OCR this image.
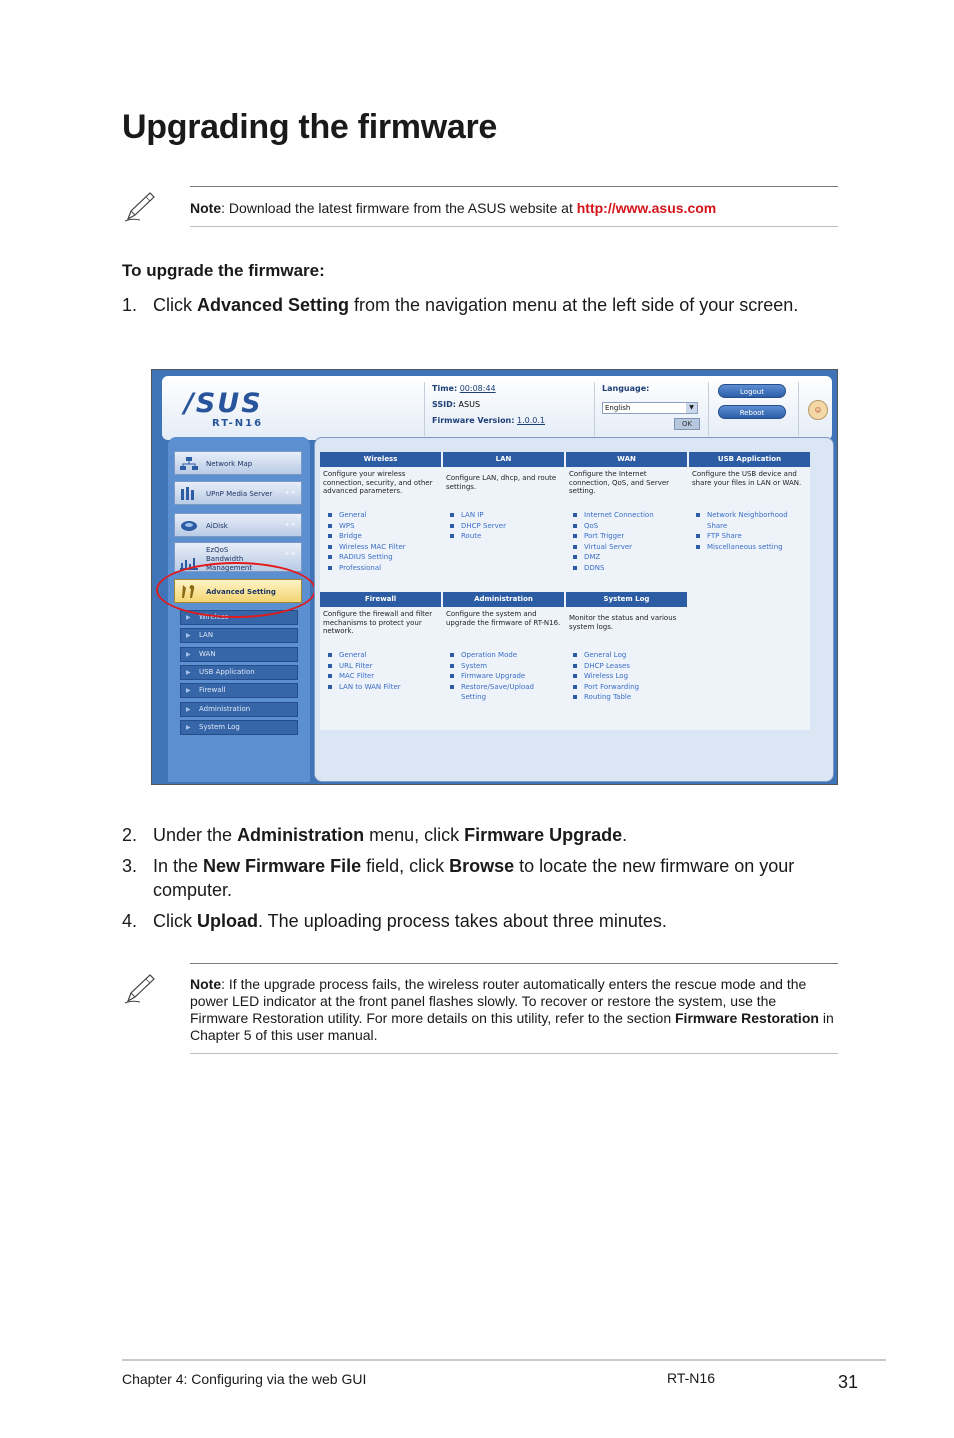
Upgrading the firmware
Note: Download the latest firmware from the ASUS website at http://www.asus.com
To upgrade the firmware:
1. Click Advanced Setting from the navigation menu at the left side of your screen.
/SUS
RT-N16
Time: 00:08:44
SSID: ASUS
Firmware Version: 1.0.0.1
Language:
English	▼
OK
Logout
Reboot	☺
Network Map
UPnP Media Server ✦✦
AiDisk	✦✦
EzQoS Bandwidth Management
✦✦
Advanced Setting
▶ Wireless
▶ LAN
▶ WAN
▶ USB Application
▶ Firewall
▶ Administration
▶ System Log
Wireless	LAN	WAN	USB Application
Configure your wireless connection, security, and other advanced parameters.
Configure LAN, dhcp, and route settings.
Configure the Internet connection, QoS, and Server setting.
Configure the USB device and share your files in LAN or WAN.
General
WPS
Bridge
Wireless MAC Filter
RADIUS Setting
Professional
LAN IP
DHCP Server
Route
Internet Connection
QoS
Port Trigger
Virtual Server
DMZ
DDNS
Network Neighborhood Share
FTP Share
Miscellaneous setting
Firewall	Administration	System Log
Configure the firewall and filter mechanisms to protect your network.
Configure the system and upgrade the firmware of RT-N16.
Monitor the status and various system logs.
General
URL Filter
MAC Filter
LAN to WAN Filter
Operation Mode
System
Firmware Upgrade
Restore/Save/Upload Setting
General Log
DHCP Leases
Wireless Log
Port Forwarding
Routing Table
2. Under the Administration menu, click Firmware Upgrade.
3. In the New Firmware File field, click Browse to locate the new firmware on your computer.
4. Click Upload. The uploading process takes about three minutes.
Note: If the upgrade process fails, the wireless router automatically enters the rescue mode and the power LED indicator at the front panel flashes slowly. To recover or restore the system, use the Firmware Restoration utility. For more details on this utility, refer to the section Firmware Restoration in Chapter 5 of this user manual.
Chapter 4: Configuring via the web GUI	RT-N16	31
